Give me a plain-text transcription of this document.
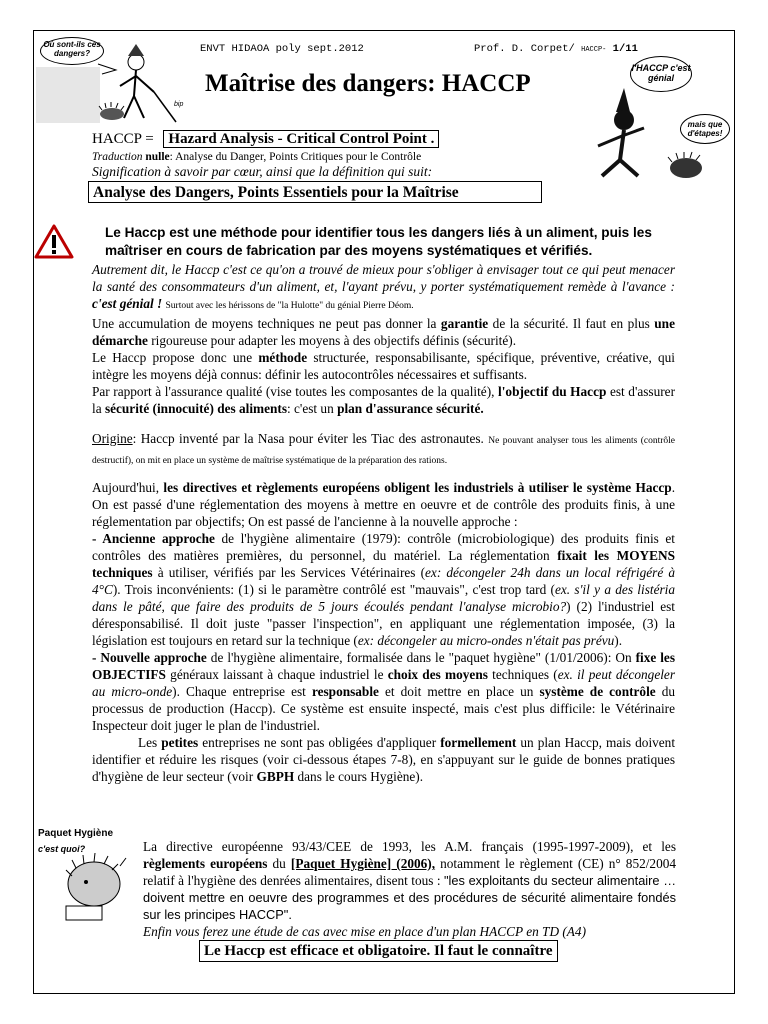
ENVT HIDAOA poly sept.2012	Prof. D. Corpet/ HACCP- 1/11
Où sont-ils ces dangers?
bip
Maîtrise des dangers: HACCP
l'HACCP c'est génial
mais que d'étapes!
HACCP = Hazard Analysis - Critical Control Point .
Traduction nulle: Analyse du Danger, Points Critiques pour le Contrôle
Signification à savoir par cœur, ainsi que la définition qui suit:
Analyse des Dangers, Points Essentiels pour la Maîtrise
Le Haccp est une méthode pour identifier tous les dangers liés à un aliment, puis les maîtriser en cours de fabrication par des moyens systématiques et vérifiés.

Autrement dit, le Haccp c'est ce qu'on a trouvé de mieux pour s'obliger à envisager tout ce qui peut menacer la santé des consommateurs d'un aliment, et, l'ayant prévu, y porter systématiquement remède à l'avance : c'est génial ! Surtout avec les hérissons de "la Hulotte" du génial Pierre Déom.

Une accumulation de moyens techniques ne peut pas donner la garantie de la sécurité. Il faut en plus une démarche rigoureuse pour adapter les moyens à des objectifs définis (sécurité).

Le Haccp propose donc une méthode structurée, responsabilisante, spécifique, préventive, créative, qui intègre les moyens déjà connus: définir les autocontrôles nécessaires et suffisants.

Par rapport à l'assurance qualité (vise toutes les composantes de la qualité), l'objectif du Haccp est d'assurer la sécurité (innocuité) des aliments: c'est un plan d'assurance sécurité.

Origine: Haccp inventé par la Nasa pour éviter les Tiac des astronautes. Ne pouvant analyser tous les aliments (contrôle destructif), on mit en place un système de maîtrise systématique de la préparation des rations.

Aujourd'hui, les directives et règlements européens obligent les industriels à utiliser le système Haccp. On est passé d'une réglementation des moyens à mettre en oeuvre et de contrôle des produits finis, à une réglementation par objectifs; On est passé de l'ancienne à la nouvelle approche :

- Ancienne approche de l'hygiène alimentaire (1979): contrôle (microbiologique) des produits finis et contrôles des matières premières, du personnel, du matériel. La réglementation fixait les MOYENS techniques à utiliser, vérifiés par les Services Vétérinaires (ex: décongeler 24h dans un local réfrigéré à 4°C). Trois inconvénients: (1) si le paramètre contrôlé est "mauvais", c'est trop tard (ex. s'il y a des listéria dans le pâté, que faire des produits de 5 jours écoulés pendant l'analyse microbio?) (2) l'industriel est déresponsabilisé. Il doit juste "passer l'inspection", en appliquant une réglementation imposée, (3) la législation est toujours en retard sur la technique (ex: décongeler au micro-ondes n'était pas prévu).

- Nouvelle approche de l'hygiène alimentaire, formalisée dans le "paquet hygiène" (1/01/2006): On fixe les OBJECTIFS généraux laissant à chaque industriel le choix des moyens techniques (ex. il peut décongeler au micro-onde). Chaque entreprise est responsable et doit mettre en place un système de contrôle du processus de production (Haccp). Ce système est ensuite inspecté, mais c'est plus difficile: le Vétérinaire Inspecteur doit juger le plan de l'industriel.

Les petites entreprises ne sont pas obligées d'appliquer formellement un plan Haccp, mais doivent identifier et réduire les risques (voir ci-dessous étapes 7-8), en s'appuyant sur le guide de bonnes pratiques d'hygiène de leur secteur (voir GBPH dans le cours Hygiène).

Paquet Hygiène
c'est quoi?	La directive européenne 93/43/CEE de 1993, les A.M. français (1995-1997-2009), et les règlements européens du [Paquet Hygiène] (2006), notamment le règlement (CE) n° 852/2004 relatif à l'hygiène des denrées alimentaires, disent tous : "les exploitants du secteur alimentaire … doivent mettre en oeuvre des programmes et des procédures de sécurité alimentaire fondés sur les principes HACCP".

Enfin vous ferez une étude de cas avec mise en place d'un plan HACCP en TD (A4)

Le Haccp est efficace et obligatoire. Il faut le connaître
